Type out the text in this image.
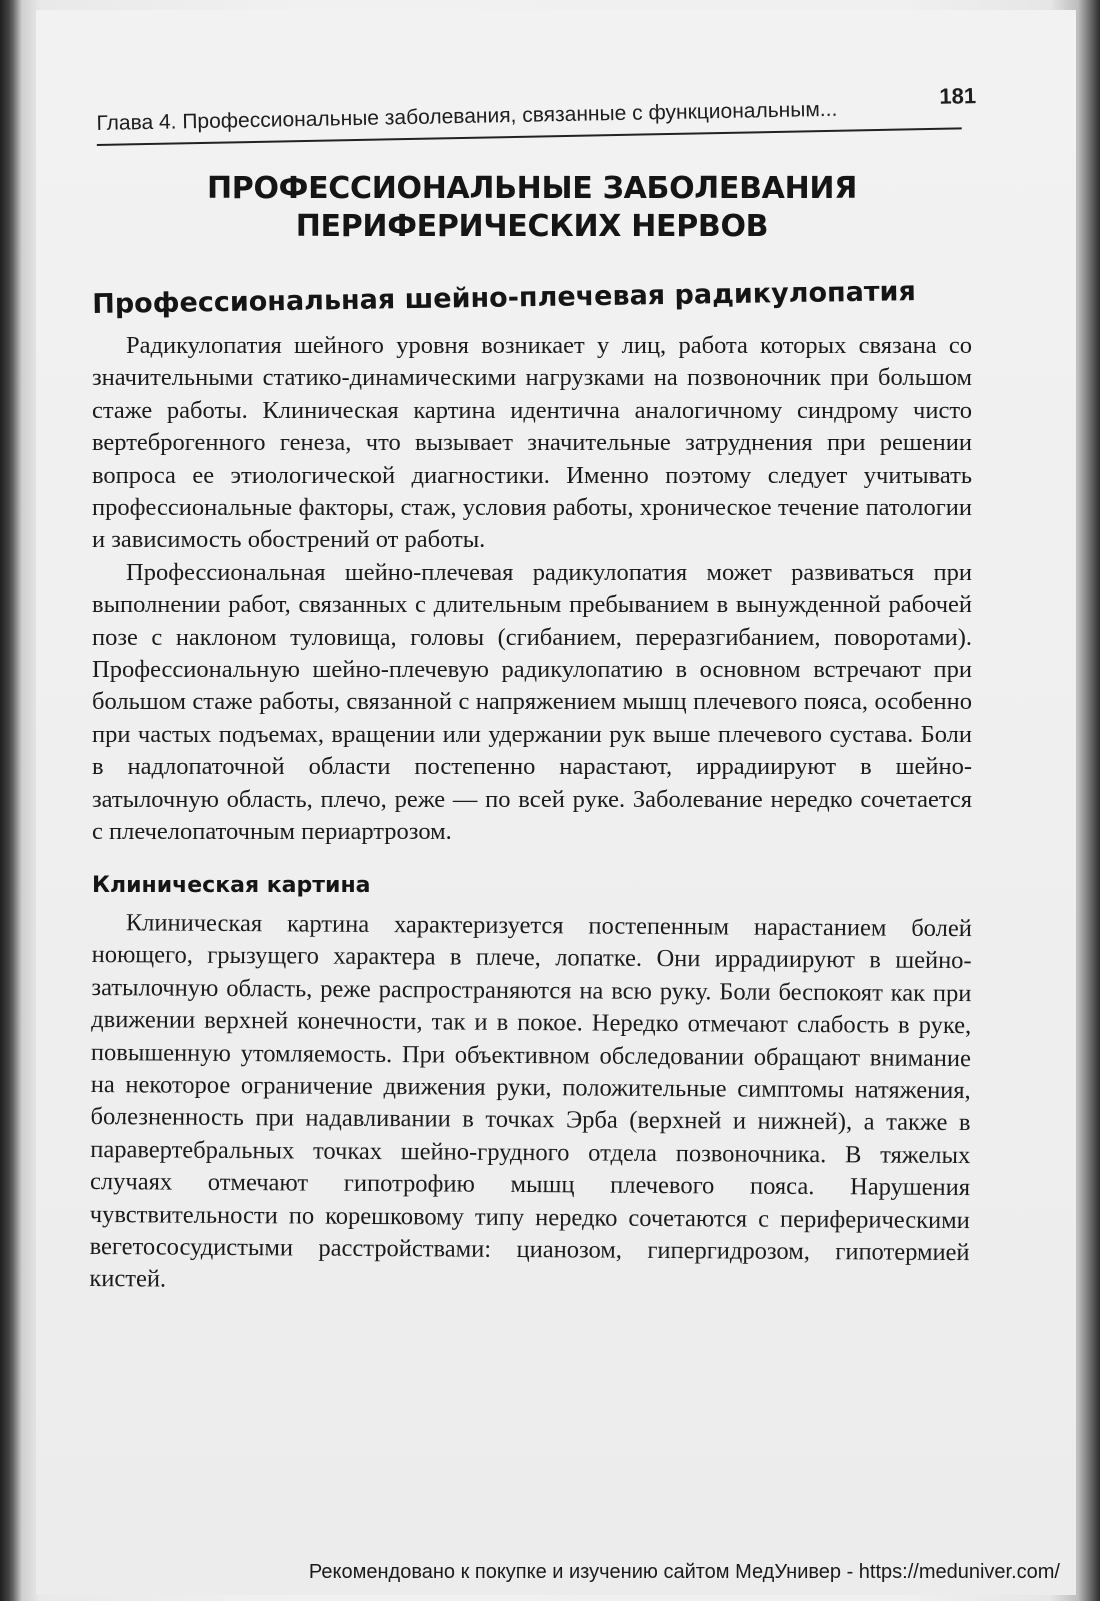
Глава 4. Профессиональные заболевания, связанные с функциональным...
181
ПРОФЕССИОНАЛЬНЫЕ ЗАБОЛЕВАНИЯ
ПЕРИФЕРИЧЕСКИХ НЕРВОВ
Профессиональная шейно-плечевая радикулопатия

Радикулопатия шейного уровня возникает у лиц, работа которых связана со значительными статико-динамическими нагрузками на позвоночник при большом стаже работы. Клиническая картина идентична аналогичному синдрому чисто вертеброгенного генеза, что вызывает значительные затруднения при решении вопроса ее этиологической диагностики. Именно поэтому следует учитывать профессиональные факторы, стаж, условия работы, хроническое течение патологии и зависимость обострений от работы.

Профессиональная шейно-плечевая радикулопатия может развиваться при выполнении работ, связанных с длительным пребыванием в вынужденной рабочей позе с наклоном туловища, головы (сгибанием, переразгибанием, поворотами). Профессиональную шейно-плечевую радикулопатию в основном встречают при большом стаже работы, связанной с напряжением мышц плечевого пояса, особенно при частых подъемах, вращении или удержании рук выше плечевого сустава. Боли в надлопаточной области постепенно нарастают, иррадиируют в шейно-затылочную область, плечо, реже — по всей руке. Заболевание нередко сочетается с плечелопаточным периартрозом.

Клиническая картина

Клиническая картина характеризуется постепенным нарастанием болей ноющего, грызущего характера в плече, лопатке. Они иррадиируют в шейно-затылочную область, реже распространяются на всю руку. Боли беспокоят как при движении верхней конечности, так и в покое. Нередко отмечают слабость в руке, повышенную утомляемость. При объективном обследовании обращают внимание на некоторое ограничение движения руки, положительные симптомы натяжения, болезненность при надавливании в точках Эрба (верхней и нижней), а также в паравертебральных точках шейно-грудного отдела позвоночника. В тяжелых случаях отмечают гипотрофию мышц плечевого пояса. Нарушения чувствительности по корешковому типу нередко сочетаются с периферическими вегетососудистыми расстройствами: цианозом, гипергидрозом, гипотермией кистей.

Рекомендовано к покупке и изучению сайтом МедУнивер - https://meduniver.com/
